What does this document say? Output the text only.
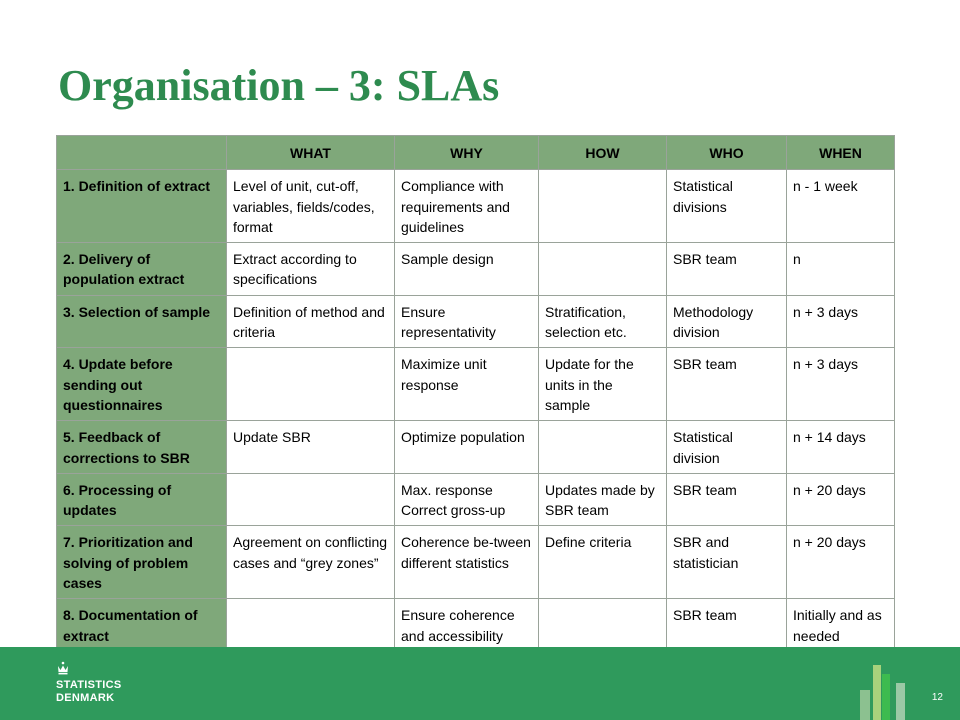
Organisation – 3: SLAs
	WHAT	WHY	HOW	WHO	WHEN
1. Definition of extract	Level of unit, cut-off, variables, fields/codes, format	Compliance with requirements and guidelines		Statistical divisions	n - 1 week
2. Delivery of population extract	Extract according to specifications	Sample design		SBR team	n
3. Selection of sample	Definition of method and criteria	Ensure representativity	Stratification, selection etc.	Methodology division	n + 3 days
4. Update before sending out questionnaires		Maximize unit response	Update for the units in the sample	SBR team	n + 3 days
5. Feedback of corrections to SBR	Update SBR	Optimize population		Statistical division	n + 14 days
6. Processing of updates		Max. response Correct gross-up	Updates made by SBR team	SBR team	n + 20 days
7. Prioritization and solving of problem cases	Agreement on conflicting cases and “grey zones”	Coherence be-tween different statistics	Define criteria	SBR and statistician	n + 20 days
8. Documentation of extract		Ensure coherence and accessibility		SBR team	Initially and as needed
STATISTICS
DENMARK	12
